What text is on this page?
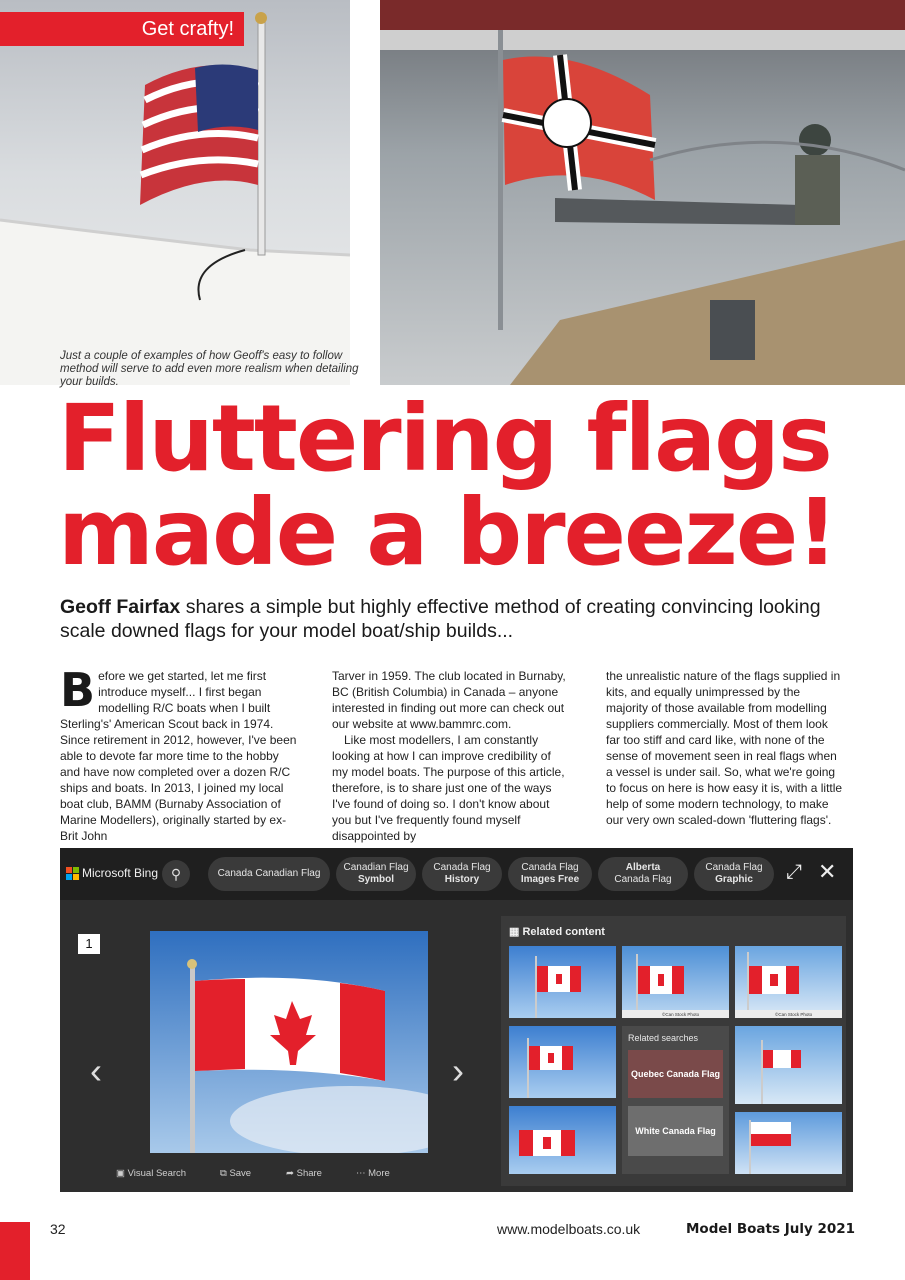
Get crafty!
Just a couple of examples of how Geoff's easy to follow method will serve to add even more realism when detailing your builds.
Fluttering flags
made a breeze!
Geoff Fairfax shares a simple but highly effective method of creating convincing looking scale downed flags for your model boat/ship builds...
Before we get started, let me first introduce myself... I first began modelling R/C boats when I built Sterling's' American Scout back in 1974. Since retirement in 2012, however, I've been able to devote far more time to the hobby and have now completed over a dozen R/C ships and boats. In 2013, I joined my local boat club, BAMM (Burnaby Association of Marine Modellers), originally started by ex-Brit John
Tarver in 1959. The club located in Burnaby, BC (British Columbia) in Canada – anyone interested in finding out more can check out our website at www.bammrc.com.
Like most modellers, I am constantly looking at how I can improve credibility of my model boats. The purpose of this article, therefore, is to share just one of the ways I've found of doing so. I don't know about you but I've frequently found myself disappointed by
the unrealistic nature of the flags supplied in kits, and equally unimpressed by the majority of those available from modelling suppliers commercially. Most of them look far too stiff and card like, with none of the sense of movement seen in real flags when a vessel is under sail. So, what we're going to focus on here is how easy it is, with a little help of some modern technology, to make our very own scaled-down 'fluttering flags'.
Microsoft Bing ⚲	Canada Canadian Flag
Canadian Flag
Symbol
Canada Flag
History
Canada Flag
Images Free
Alberta
Canada Flag
Canada Flag
Graphic	⤢ ✕
1
‹	›
▣ Visual Search	⧉ Save	➦ Share	⋯ More
▦ Related content
©Can Stock Photo
Related searches
Quebec Canada Flag
White Canada Flag
©Can Stock Photo
32	www.modelboats.co.uk	Model Boats July 2021
